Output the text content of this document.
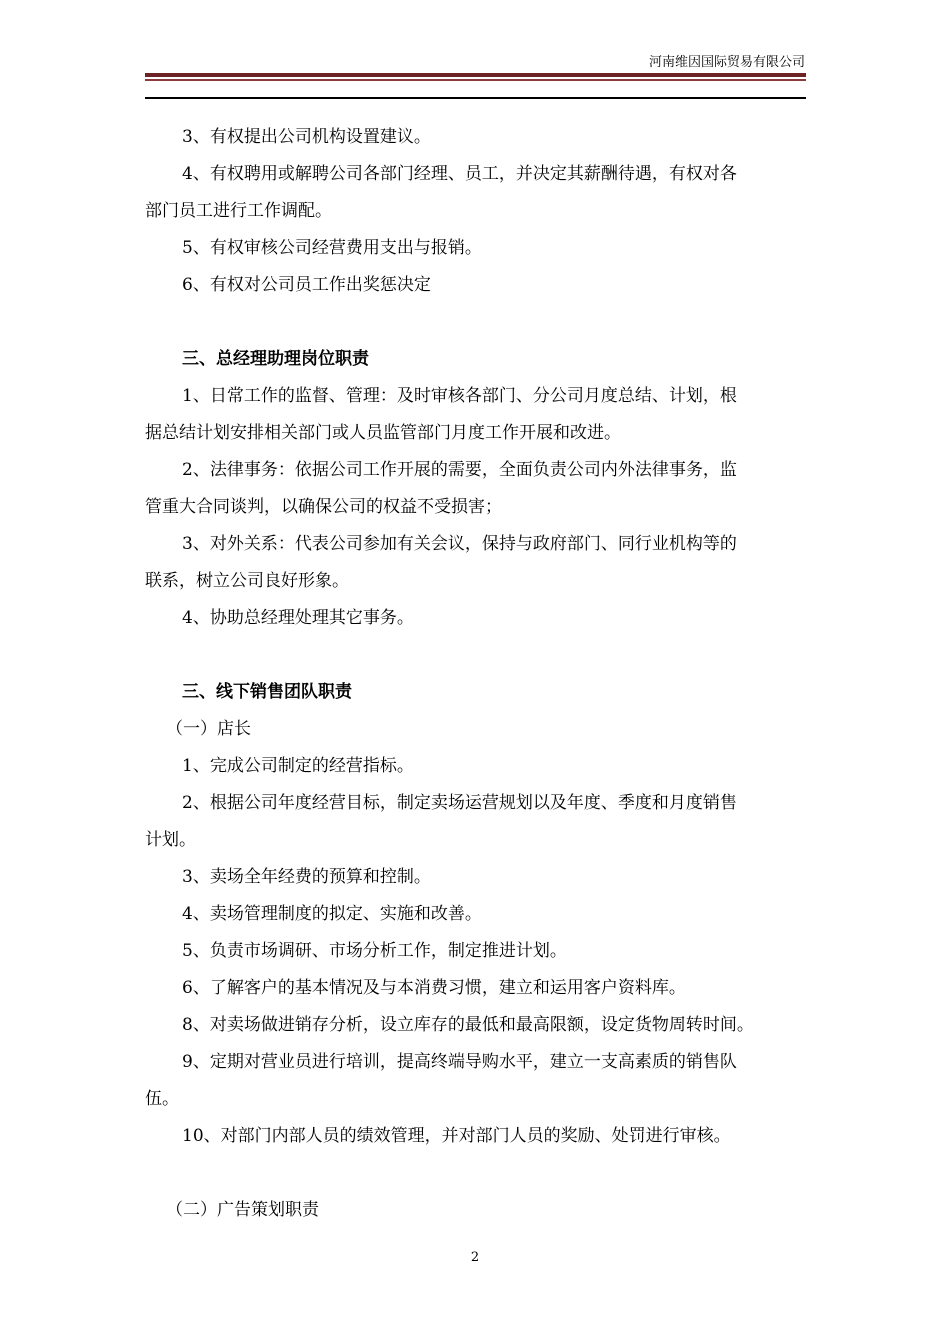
河南维因国际贸易有限公司
3、有权提出公司机构设置建议。
4、有权聘用或解聘公司各部门经理、员工，并决定其薪酬待遇，有权对各
部门员工进行工作调配。
5、有权审核公司经营费用支出与报销。
6、有权对公司员工作出奖惩决定
三、总经理助理岗位职责
1、日常工作的监督、管理：及时审核各部门、分公司月度总结、计划，根
据总结计划安排相关部门或人员监管部门月度工作开展和改进。
2、法律事务：依据公司工作开展的需要，全面负责公司内外法律事务，监
管重大合同谈判，以确保公司的权益不受损害；
3、对外关系：代表公司参加有关会议，保持与政府部门、同行业机构等的
联系，树立公司良好形象。
4、协助总经理处理其它事务。
三、线下销售团队职责
（一）店长
1、完成公司制定的经营指标。
2、根据公司年度经营目标，制定卖场运营规划以及年度、季度和月度销售
计划。
3、卖场全年经费的预算和控制。
4、卖场管理制度的拟定、实施和改善。
5、负责市场调研、市场分析工作，制定推进计划。
6、了解客户的基本情况及与本消费习惯，建立和运用客户资料库。
8、对卖场做进销存分析，设立库存的最低和最高限额，设定货物周转时间。
9、定期对营业员进行培训，提高终端导购水平，建立一支高素质的销售队
伍。
10、对部门内部人员的绩效管理，并对部门人员的奖励、处罚进行审核。
（二）广告策划职责
2
